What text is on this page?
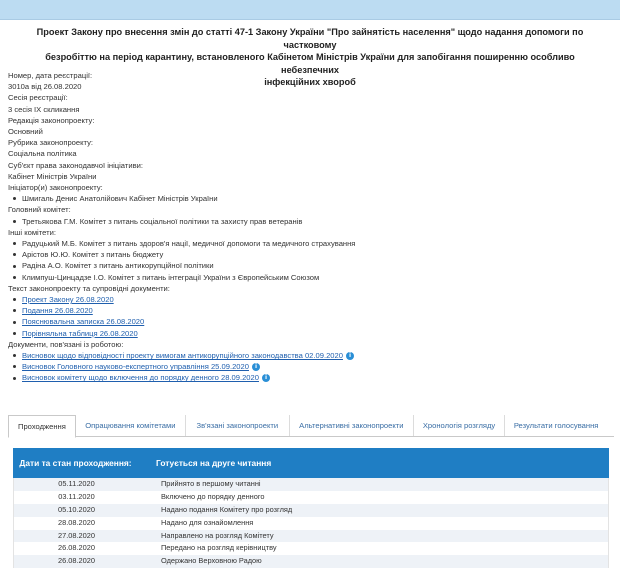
Проект Закону про внесення змін до статті 47-1 Закону України "Про зайнятість населення" щодо надання допомоги по частковому
безробіттю на період карантину, встановленого Кабінетом Міністрів України для запобігання поширенню особливо небезпечних
інфекційних хвороб
Номер, дата реєстрації:
3010а від 26.08.2020
Сесія реєстрації:
3 сесія IX скликання
Редакція законопроекту:
Основний
Рубрика законопроекту:
Соціальна політика
Суб'єкт права законодавчої ініціативи:
Кабінет Міністрів України
Ініціатор(и) законопроекту:
Шмигаль Денис Анатолійович Кабінет Міністрів України
Головний комітет:
Третьякова Г.М. Комітет з питань соціальної політики та захисту прав ветеранів
Інші комітети:
Радуцький М.Б. Комітет з питань здоров'я нації, медичної допомоги та медичного страхування
Арістов Ю.Ю. Комітет з питань бюджету
Радіна А.О. Комітет з питань антикорупційної політики
Климпуш-Цинцадзе І.О. Комітет з питань інтеграції України з Європейським Союзом
Текст законопроекту та супровідні документи:
Проект Закону 26.08.2020
Подання 26.08.2020
Пояснювальна записка 26.08.2020
Порівняльна таблиця 26.08.2020
Документи, пов'язані із роботою:
Висновок щодо відповідності проекту вимогам антикорупційного законодавства 02.09.2020 i
Висновок Головного науково-експертного управління 25.09.2020 i
Висновок комітету щодо включення до порядку денного 28.09.2020 i
Проходження	Опрацювання комітетами	Зв'язані законопроекти	Альтернативні законопроекти	Хронологія розгляду	Результати голосування
Дати та стан проходження:	Готується на друге читання
05.11.2020	Прийнято в першому читанні
03.11.2020	Включено до порядку денного
05.10.2020	Надано подання Комітету про розгляд
28.08.2020	Надано для ознайомлення
27.08.2020	Направлено на розгляд Комітету
26.08.2020	Передано на розгляд керівництву
26.08.2020	Одержано Верховною Радою
